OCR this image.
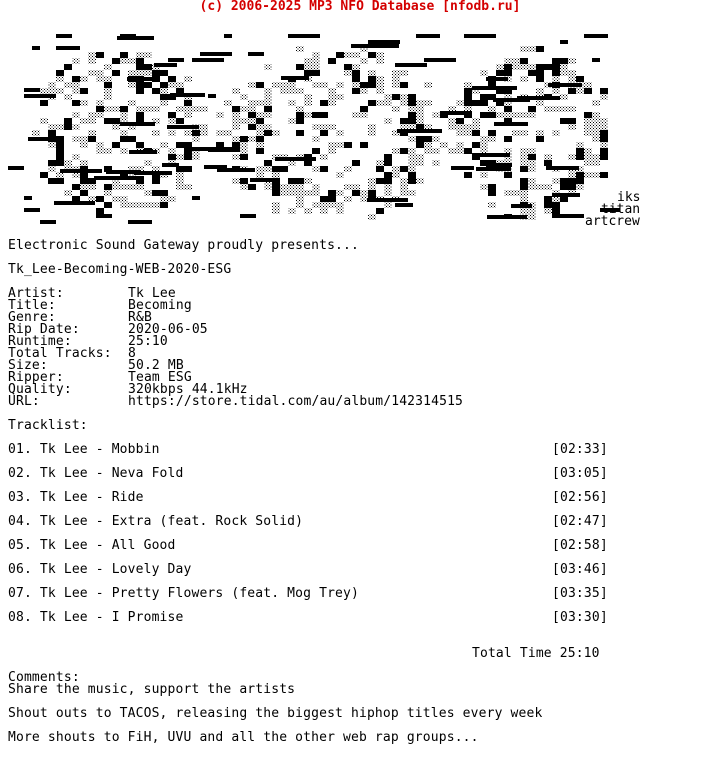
(c) 2006-2025 MP3 NFO Database [nfodb.ru]
iks
titan
artcrew
Electronic Sound Gateway proudly presents...
Tk_Lee-Becoming-WEB-2020-ESG
Artist:	Tk Lee
Title:	Becoming
Genre:	R&B
Rip Date:	2020-06-05
Runtime:	25:10
Total Tracks: 8
Size:	50.2 MB
Ripper:	Team ESG
Quality:	320kbps 44.1kHz
URL:	https://store.tidal.com/au/album/142314515
Tracklist:
01. Tk Lee - Mobbin	[02:33]
02. Tk Lee - Neva Fold	[03:05]
03. Tk Lee - Ride	[02:56]
04. Tk Lee - Extra (feat. Rock Solid)	[02:47]
05. Tk Lee - All Good	[02:58]
06. Tk Lee - Lovely Day	[03:46]
07. Tk Lee - Pretty Flowers (feat. Mog Trey)	[03:35]
08. Tk Lee - I Promise	[03:30]
Total Time 25:10
Comments:
Share the music, support the artists
Shout outs to TACOS, releasing the biggest hiphop titles every week
More shouts to FiH, UVU and all the other web rap groups...
